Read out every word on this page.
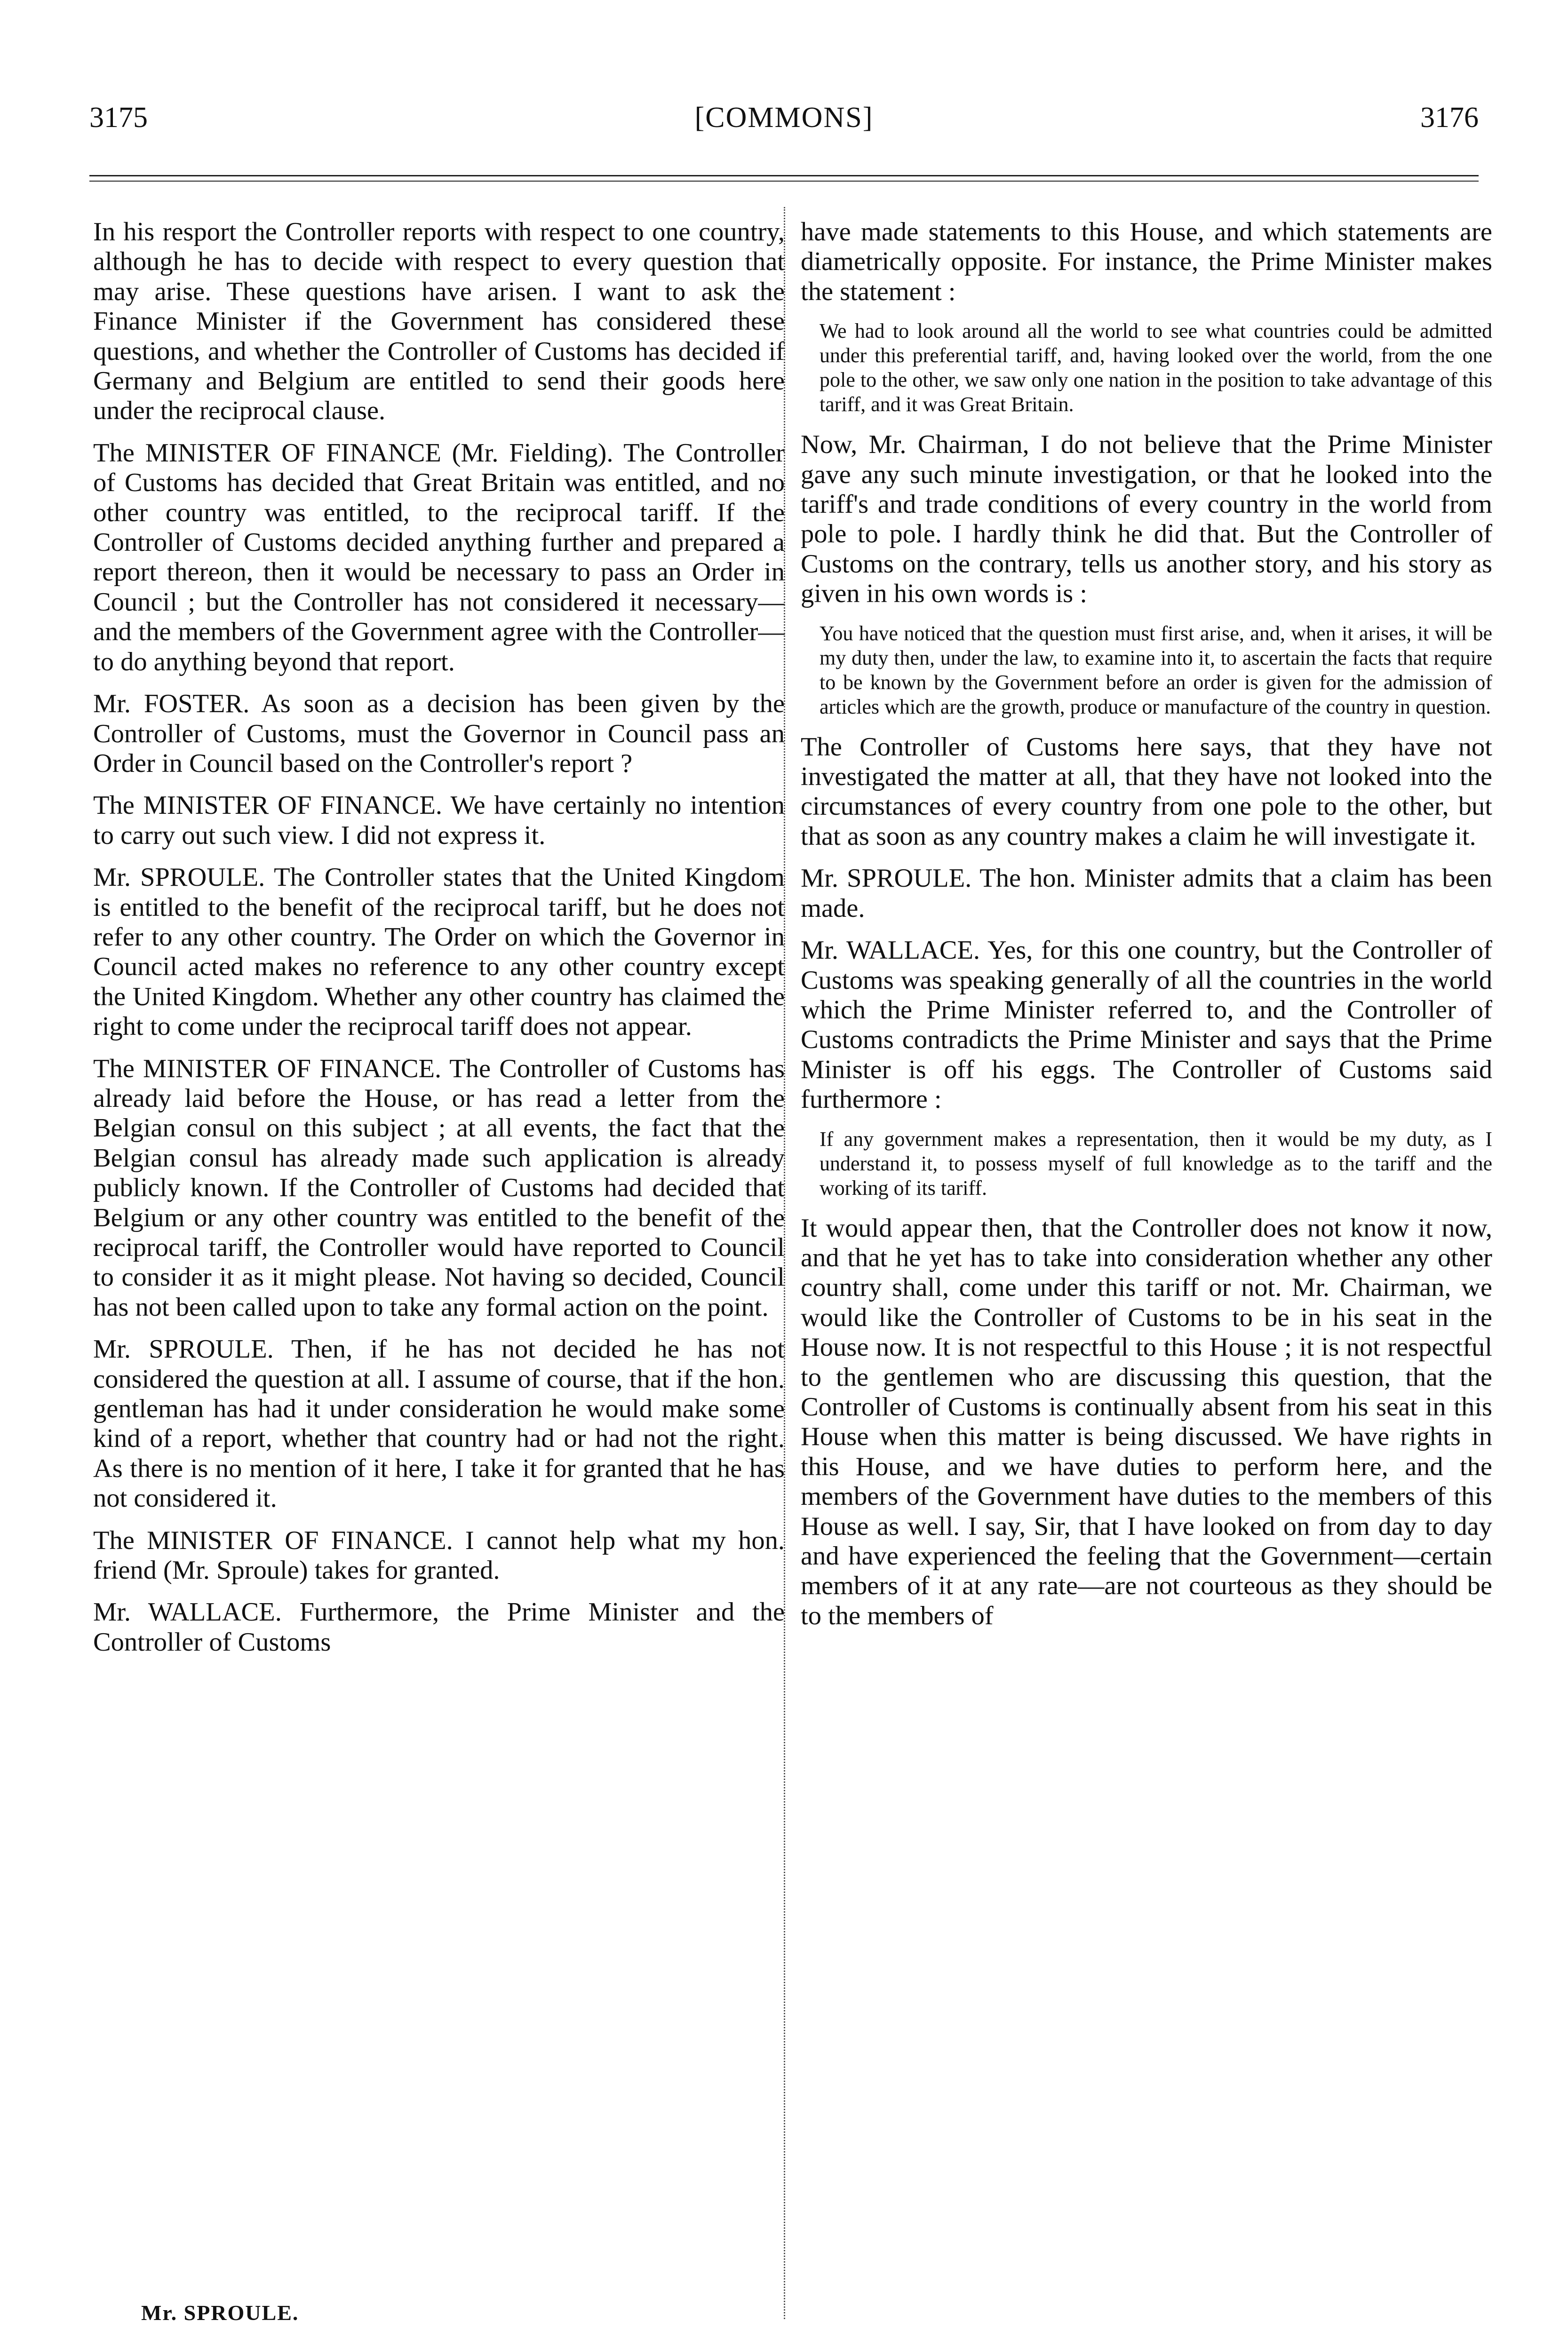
3175	[COMMONS]	3176

In his resport the Controller reports with respect to one country, although he has to decide with respect to every question that may arise. These questions have arisen. I want to ask the Finance Minister if the Government has considered these questions, and whether the Controller of Customs has decided if Germany and Belgium are entitled to send their goods here under the reciprocal clause.

The MINISTER OF FINANCE (Mr. Fielding). The Controller of Customs has decided that Great Britain was entitled, and no other country was entitled, to the reciprocal tariff. If the Controller of Customs decided anything further and prepared a report thereon, then it would be necessary to pass an Order in Council ; but the Controller has not considered it necessary—and the members of the Government agree with the Controller—to do anything beyond that report.

Mr. FOSTER. As soon as a decision has been given by the Controller of Customs, must the Governor in Council pass an Order in Council based on the Controller's report ?

The MINISTER OF FINANCE. We have certainly no intention to carry out such view. I did not express it.

Mr. SPROULE. The Controller states that the United Kingdom is entitled to the benefit of the reciprocal tariff, but he does not refer to any other country. The Order on which the Governor in Council acted makes no reference to any other country except the United Kingdom. Whether any other country has claimed the right to come under the reciprocal tariff does not appear.

The MINISTER OF FINANCE. The Controller of Customs has already laid before the House, or has read a letter from the Belgian consul on this subject ; at all events, the fact that the Belgian consul has already made such application is already publicly known. If the Controller of Customs had decided that Belgium or any other country was entitled to the benefit of the reciprocal tariff, the Controller would have reported to Council to consider it as it might please. Not having so decided, Council has not been called upon to take any formal action on the point.

Mr. SPROULE. Then, if he has not decided he has not considered the question at all. I assume of course, that if the hon. gentleman has had it under consideration he would make some kind of a report, whether that country had or had not the right. As there is no mention of it here, I take it for granted that he has not considered it.

The MINISTER OF FINANCE. I cannot help what my hon. friend (Mr. Sproule) takes for granted.

Mr. WALLACE. Furthermore, the Prime Minister and the Controller of Customs

have made statements to this House, and which statements are diametrically opposite. For instance, the Prime Minister makes the statement :

We had to look around all the world to see what countries could be admitted under this preferential tariff, and, having looked over the world, from the one pole to the other, we saw only one nation in the position to take advantage of this tariff, and it was Great Britain.

Now, Mr. Chairman, I do not believe that the Prime Minister gave any such minute investigation, or that he looked into the tariff's and trade conditions of every country in the world from pole to pole. I hardly think he did that. But the Controller of Customs on the contrary, tells us another story, and his story as given in his own words is :

You have noticed that the question must first arise, and, when it arises, it will be my duty then, under the law, to examine into it, to ascertain the facts that require to be known by the Government before an order is given for the admission of articles which are the growth, produce or manufacture of the country in question.

The Controller of Customs here says, that they have not investigated the matter at all, that they have not looked into the circumstances of every country from one pole to the other, but that as soon as any country makes a claim he will investigate it.

Mr. SPROULE. The hon. Minister admits that a claim has been made.

Mr. WALLACE. Yes, for this one country, but the Controller of Customs was speaking generally of all the countries in the world which the Prime Minister referred to, and the Controller of Customs contradicts the Prime Minister and says that the Prime Minister is off his eggs. The Controller of Customs said furthermore :

If any government makes a representation, then it would be my duty, as I understand it, to possess myself of full knowledge as to the tariff and the working of its tariff.

It would appear then, that the Controller does not know it now, and that he yet has to take into consideration whether any other country shall, come under this tariff or not. Mr. Chairman, we would like the Controller of Customs to be in his seat in the House now. It is not respectful to this House ; it is not respectful to the gentlemen who are discussing this question, that the Controller of Customs is continually absent from his seat in this House when this matter is being discussed. We have rights in this House, and we have duties to perform here, and the members of the Government have duties to the members of this House as well. I say, Sir, that I have looked on from day to day and have experienced the feeling that the Government—certain members of it at any rate—are not courteous as they should be to the members of

Mr. SPROULE.
